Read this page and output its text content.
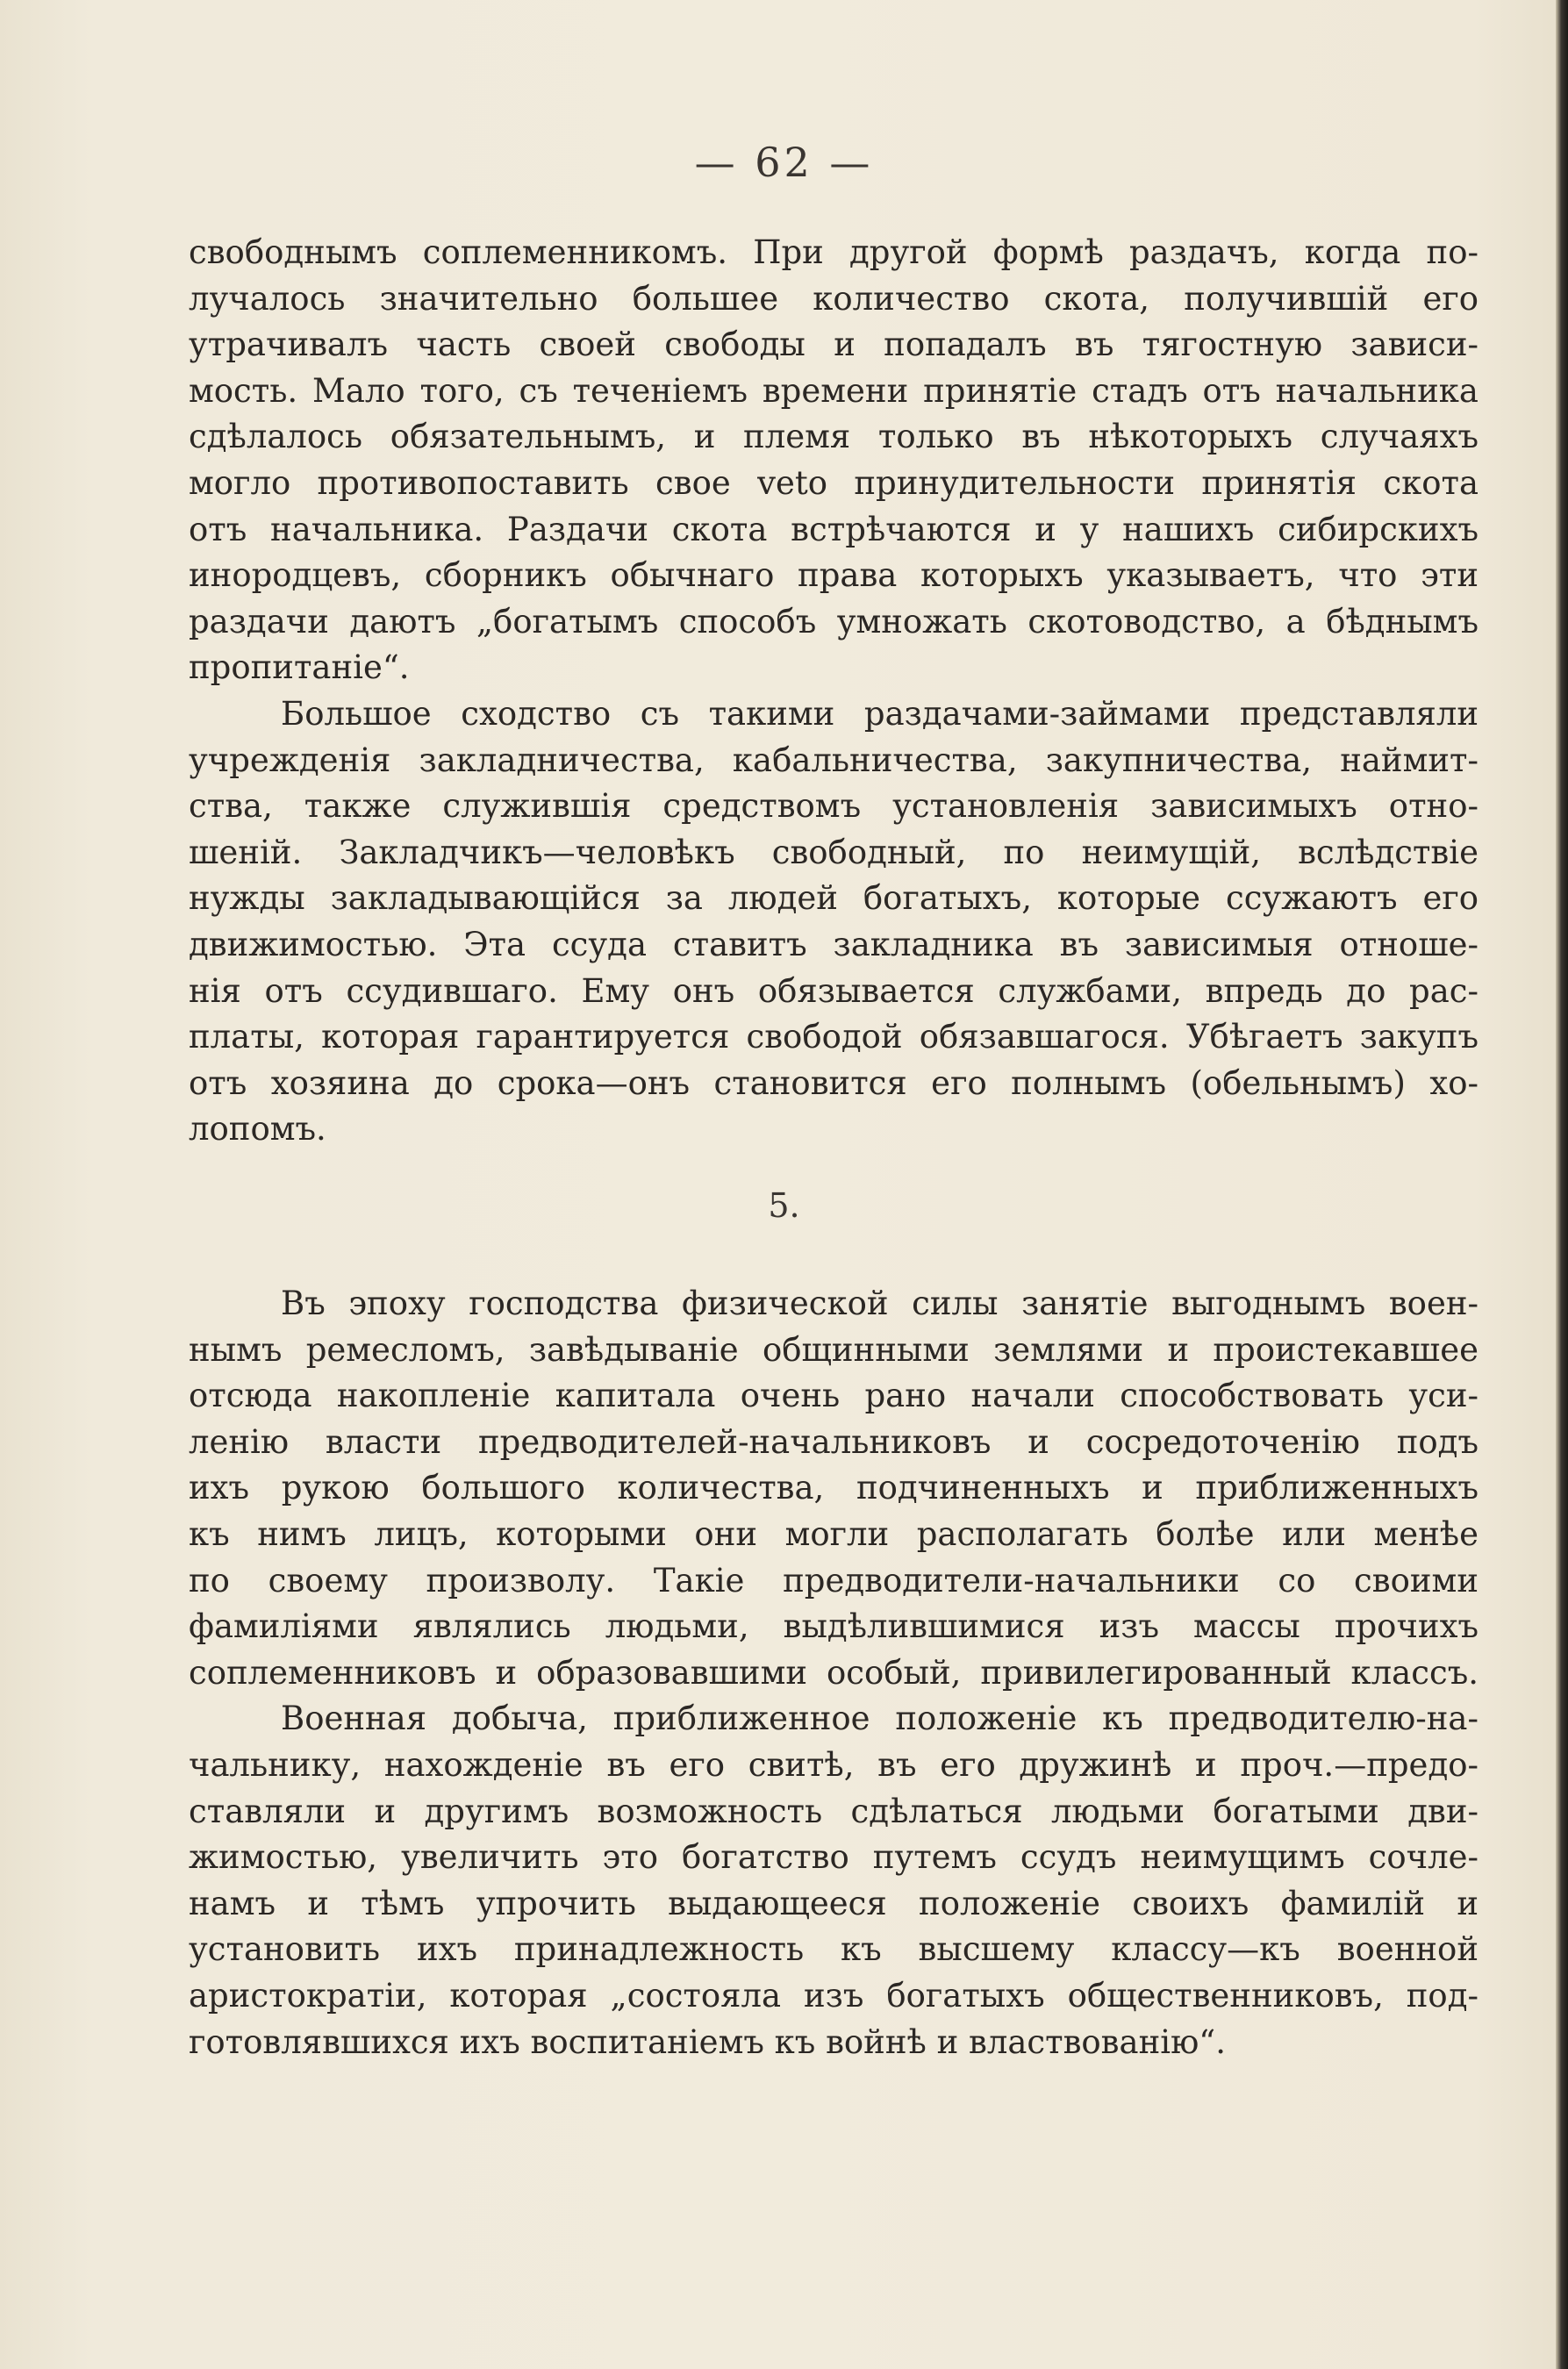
— 62 —
свободнымъ соплеменникомъ. При другой формѣ раздачъ, когда по-
лучалось значительно большее количество скота, получившій его
утрачивалъ часть своей свободы и попадалъ въ тягостную зависи-
мость. Мало того, съ теченіемъ времени принятіе стадъ отъ начальника
сдѣлалось обязательнымъ, и племя только въ нѣкоторыхъ случаяхъ
могло противопоставить свое veto принудительности принятія скота
отъ начальника. Раздачи скота встрѣчаются и у нашихъ сибирскихъ
инородцевъ, сборникъ обычнаго права которыхъ указываетъ, что эти
раздачи даютъ „богатымъ способъ умножать скотоводство, а бѣднымъ
пропитаніе“.
Большое сходство съ такими раздачами-займами представляли
учрежденія закладничества, кабальничества, закупничества, наймит-
ства, также служившія средствомъ установленія зависимыхъ отно-
шеній. Закладчикъ—человѣкъ свободный, по неимущій, вслѣдствіе
нужды закладывающійся за людей богатыхъ, которые ссужаютъ его
движимостью. Эта ссуда ставитъ закладника въ зависимыя отноше-
нія отъ ссудившаго. Ему онъ обязывается службами, впредь до рас-
платы, которая гарантируется свободой обязавшагося. Убѣгаетъ закупъ
отъ хозяина до срока—онъ становится его полнымъ (обельнымъ) хо-
лопомъ.
5.
Въ эпоху господства физической силы занятіе выгоднымъ воен-
нымъ ремесломъ, завѣдываніе общинными землями и проистекавшее
отсюда накопленіе капитала очень рано начали способствовать уси-
ленію власти предводителей-начальниковъ и сосредоточенію подъ
ихъ рукою большого количества, подчиненныхъ и приближенныхъ
къ нимъ лицъ, которыми они могли располагать болѣе или менѣе
по своему произволу. Такіе предводители-начальники со своими
фамиліями являлись людьми, выдѣлившимися изъ массы прочихъ
соплеменниковъ и образовавшими особый, привилегированный классъ.
Военная добыча, приближенное положеніе къ предводителю-на-
чальнику, нахожденіе въ его свитѣ, въ его дружинѣ и проч.—предо-
ставляли и другимъ возможность сдѣлаться людьми богатыми дви-
жимостью, увеличить это богатство путемъ ссудъ неимущимъ сочле-
намъ и тѣмъ упрочить выдающееся положеніе своихъ фамилій и
установить ихъ принадлежность къ высшему классу—къ военной
аристократіи, которая „состояла изъ богатыхъ общественниковъ, под-
готовлявшихся ихъ воспитаніемъ къ войнѣ и властвованію“.
